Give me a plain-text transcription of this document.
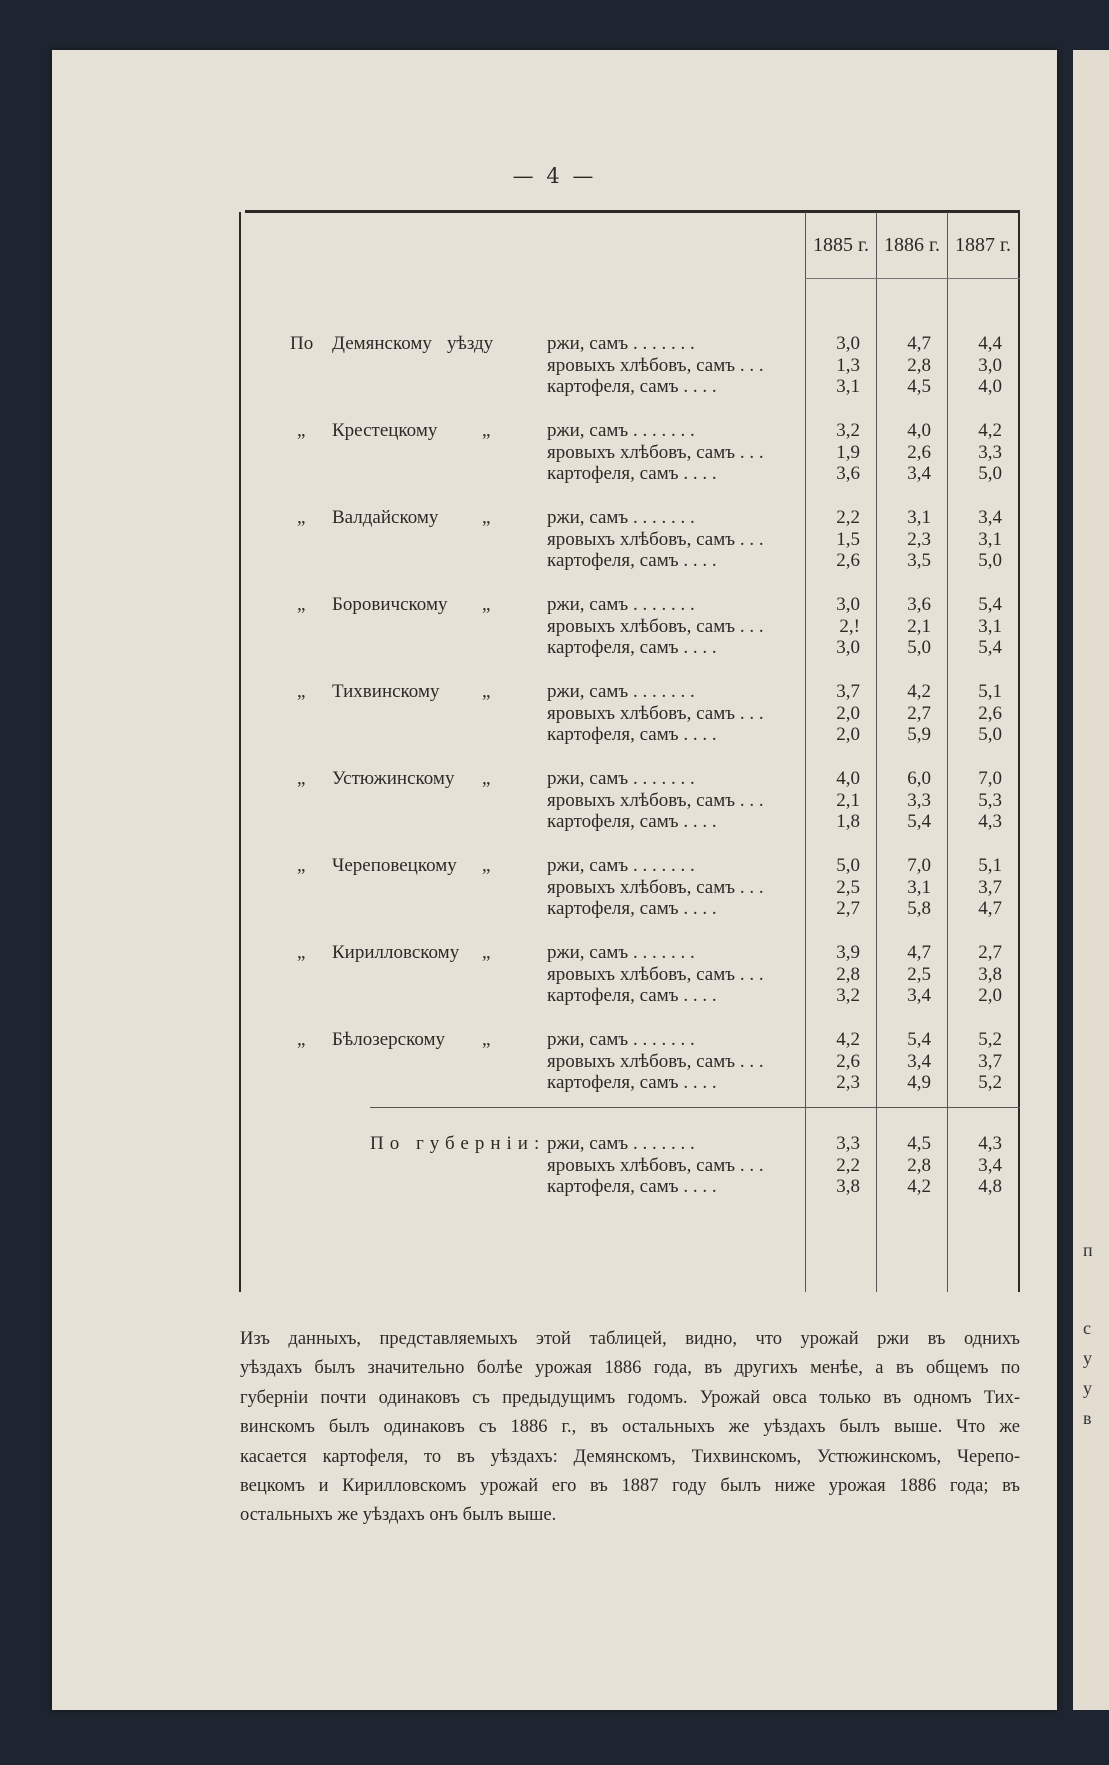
п
с
у
у
в
— 4 —
1885 г. 1886 г. 1887 г.
По Демянскому уѣзду	ржи, самъ . . . . . . .	3,0	4,7	4,4
яровыхъ хлѣбовъ, самъ . . .	1,3	2,8	3,0
картофеля, самъ . . . .	3,1	4,5	4,0
„ Крестецкому „	ржи, самъ . . . . . . .	3,2	4,0	4,2
яровыхъ хлѣбовъ, самъ . . .	1,9	2,6	3,3
картофеля, самъ . . . .	3,6	3,4	5,0
„ Валдайскому „	ржи, самъ . . . . . . .	2,2	3,1	3,4
яровыхъ хлѣбовъ, самъ . . .	1,5	2,3	3,1
картофеля, самъ . . . .	2,6	3,5	5,0
„ Боровичскому „	ржи, самъ . . . . . . .	3,0	3,6	5,4
яровыхъ хлѣбовъ, самъ . . .	2,!	2,1	3,1
картофеля, самъ . . . .	3,0	5,0	5,4
„ Тихвинскому „	ржи, самъ . . . . . . .	3,7	4,2	5,1
яровыхъ хлѣбовъ, самъ . . .	2,0	2,7	2,6
картофеля, самъ . . . .	2,0	5,9	5,0
„ Устюжинскому „	ржи, самъ . . . . . . .	4,0	6,0	7,0
яровыхъ хлѣбовъ, самъ . . .	2,1	3,3	5,3
картофеля, самъ . . . .	1,8	5,4	4,3
„ Череповецкому „	ржи, самъ . . . . . . .	5,0	7,0	5,1
яровыхъ хлѣбовъ, самъ . . .	2,5	3,1	3,7
картофеля, самъ . . . .	2,7	5,8	4,7
„ Кирилловскому „	ржи, самъ . . . . . . .	3,9	4,7	2,7
яровыхъ хлѣбовъ, самъ . . .	2,8	2,5	3,8
картофеля, самъ . . . .	3,2	3,4	2,0
„ Бѣлозерскому „	ржи, самъ . . . . . . .	4,2	5,4	5,2
яровыхъ хлѣбовъ, самъ . . .	2,6	3,4	3,7
картофеля, самъ . . . .	2,3	4,9	5,2
По губерніи: ржи, самъ . . . . . . .	3,3	4,5	4,3
яровыхъ хлѣбовъ, самъ . . .	2,2	2,8	3,4
картофеля, самъ . . . .	3,8	4,2	4,8
Изъ данныхъ, представляемыхъ этой таблицей, видно, что урожай ржи въ однихъ
уѣздахъ былъ значительно болѣе урожая 1886 года, въ другихъ менѣе, а въ общемъ по
губерніи почти одинаковъ съ предыдущимъ годомъ. Урожай овса только въ одномъ Тих-
винскомъ былъ одинаковъ съ 1886 г., въ остальныхъ же уѣздахъ былъ выше. Что же
касается картофеля, то въ уѣздахъ: Демянскомъ, Тихвинскомъ, Устюжинскомъ, Черепо-
вецкомъ и Кирилловскомъ урожай его въ 1887 году былъ ниже урожая 1886 года; въ
остальныхъ же уѣздахъ онъ былъ выше.
